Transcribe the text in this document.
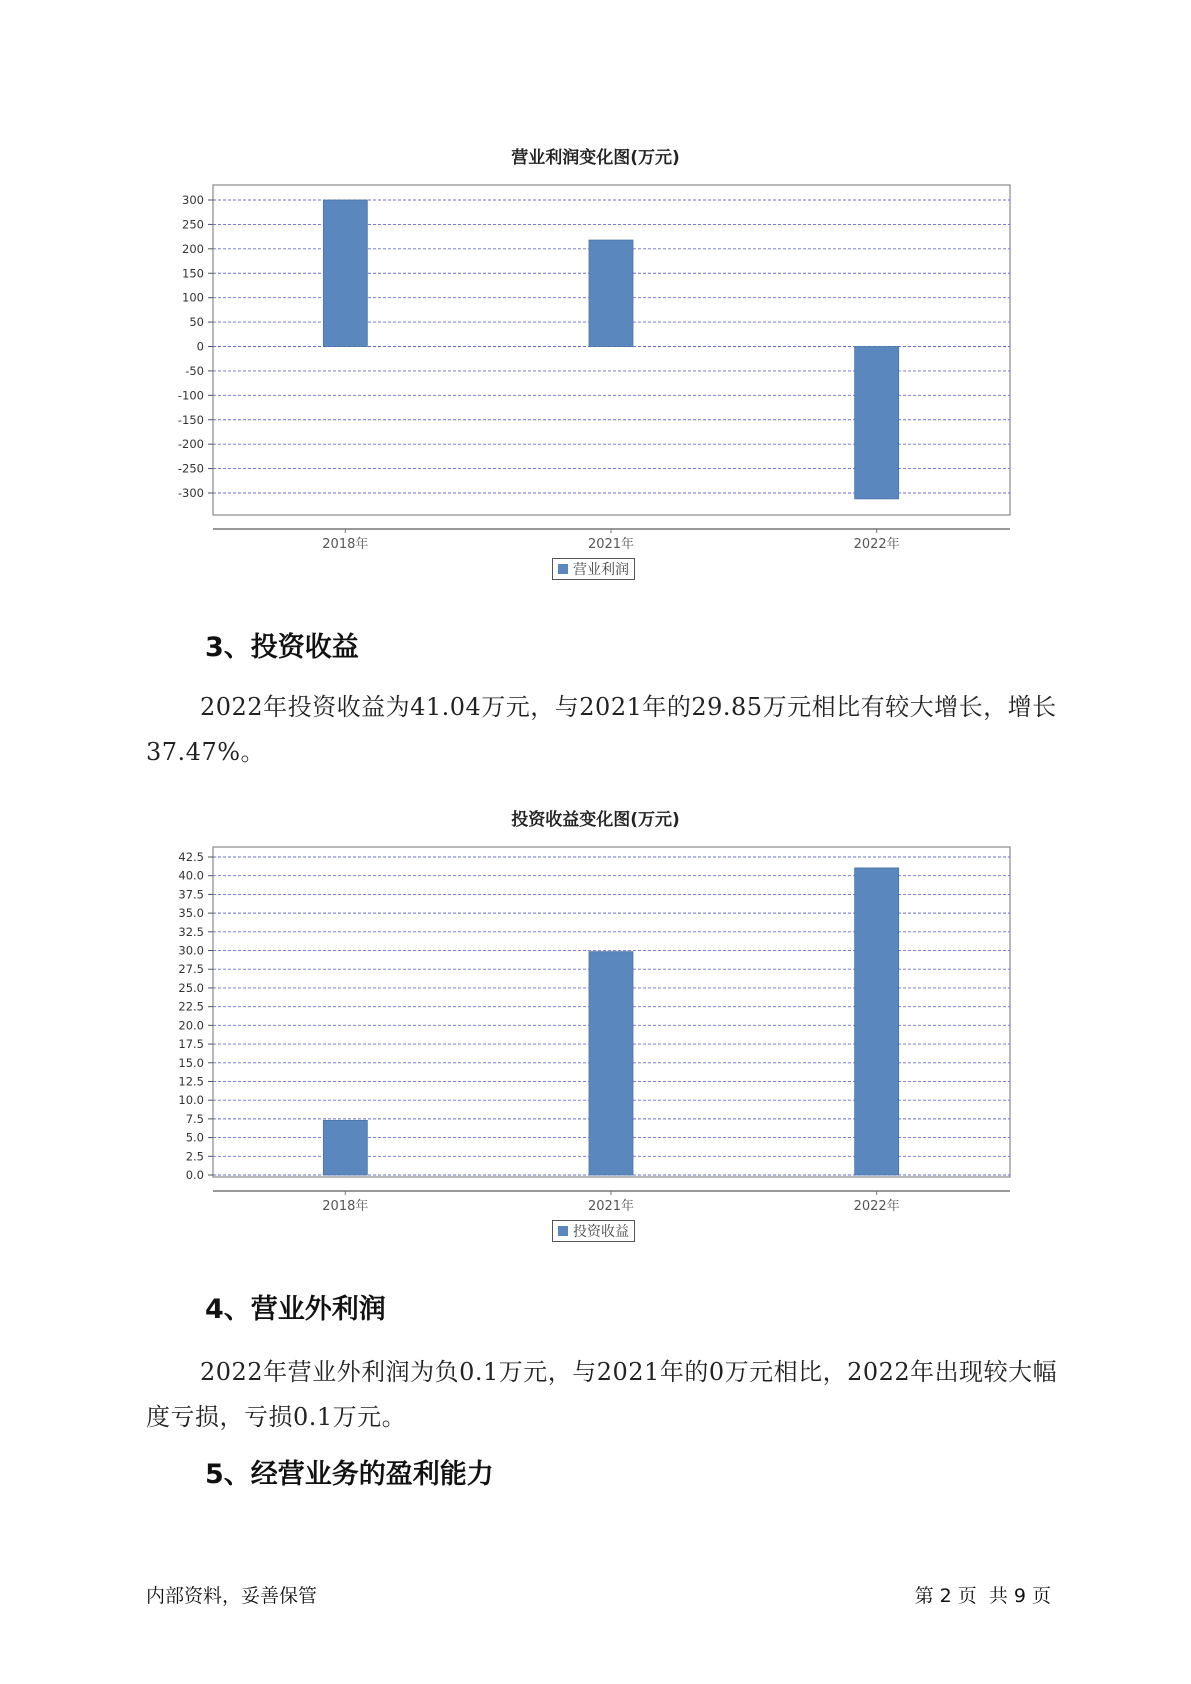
营业利润变化图(万元)
300
250
200
150
100
50
0
-50
-100
-150
-200
-250
-300
2018年	2021年	2022年
营业利润
3、投资收益
2022年投资收益为41.04万元，与2021年的29.85万元相比有较大增长，增长37.47%。
投资收益变化图(万元)
42.5
40.0
37.5
35.0
32.5
30.0
27.5
25.0
22.5
20.0
17.5
15.0
12.5
10.0
7.5
5.0
2.5
0.0
2018年	2021年	2022年
投资收益
4、营业外利润
2022年营业外利润为负0.1万元，与2021年的0万元相比，2022年出现较大幅度亏损，亏损0.1万元。
5、经营业务的盈利能力
内部资料，妥善保管	第 2 页  共 9 页
